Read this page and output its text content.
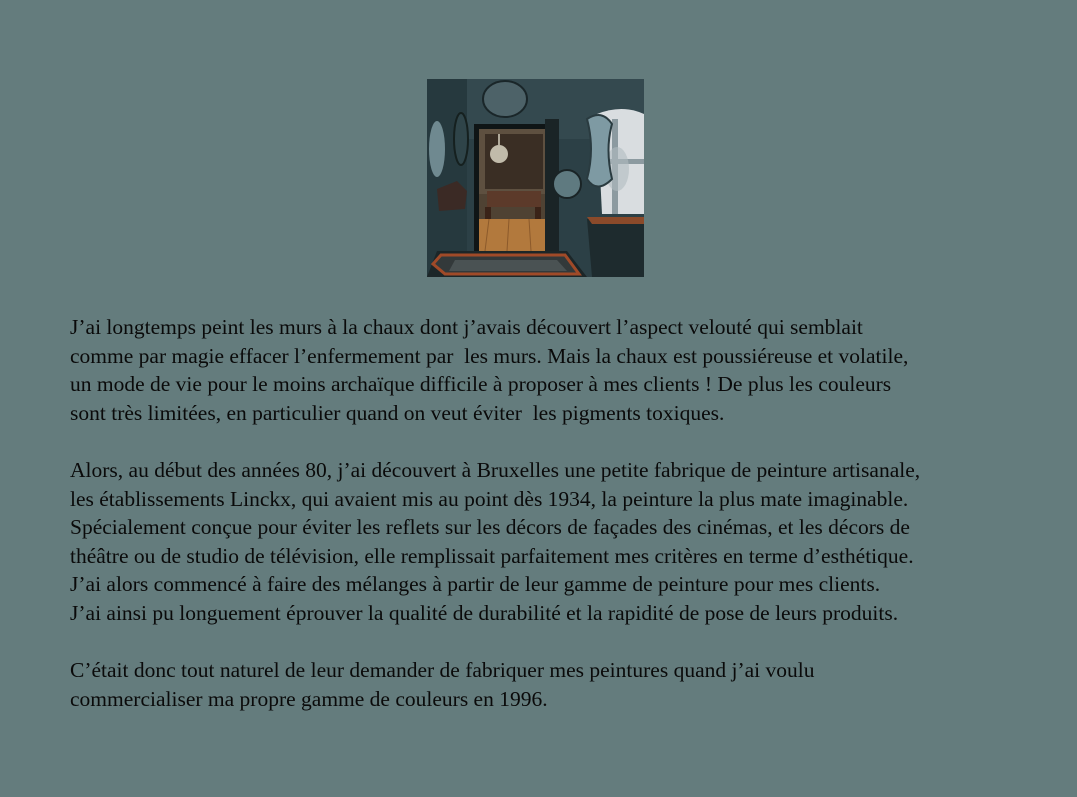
J’ai longtemps peint les murs à la chaux dont j’avais découvert l’aspect velouté qui semblait

comme par magie effacer l’enfermement par  les murs. Mais la chaux est poussiéreuse et volatile,

un mode de vie pour le moins archaïque difficile à proposer à mes clients ! De plus les couleurs

sont très limitées, en particulier quand on veut éviter  les pigments toxiques.

Alors, au début des années 80, j’ai découvert à Bruxelles une petite fabrique de peinture artisanale,

les établissements Linckx, qui avaient mis au point dès 1934, la peinture la plus mate imaginable.

Spécialement conçue pour éviter les reflets sur les décors de façades des cinémas, et les décors de

théâtre ou de studio de télévision, elle remplissait parfaitement mes critères en terme d’esthétique.

J’ai alors commencé à faire des mélanges à partir de leur gamme de peinture pour mes clients.

J’ai ainsi pu longuement éprouver la qualité de durabilité et la rapidité de pose de leurs produits.

C’était donc tout naturel de leur demander de fabriquer mes peintures quand j’ai voulu

commercialiser ma propre gamme de couleurs en 1996.
